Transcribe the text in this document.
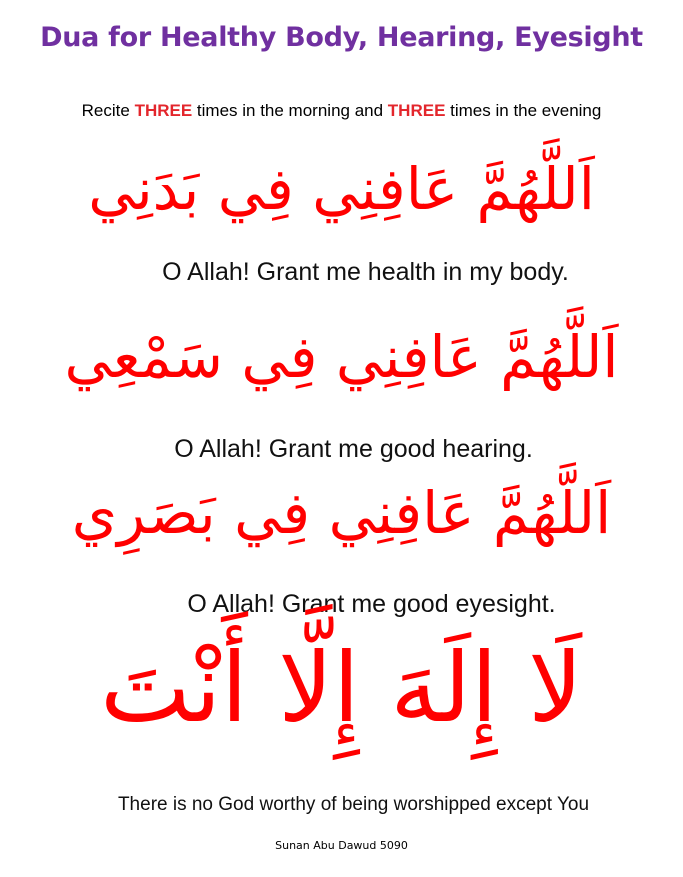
Dua for Healthy Body, Hearing, Eyesight
Recite THREE times in the morning and THREE times in the evening
اَللَّهُمَّ عَافِنِي فِي بَدَنِي
O Allah! Grant me health in my body.
اَللَّهُمَّ عَافِنِي فِي سَمْعِي
O Allah! Grant me good hearing.
اَللَّهُمَّ عَافِنِي فِي بَصَرِي
O Allah! Grant me good eyesight.
لَا إِلَهَ إِلَّا أَنْتَ
There is no God worthy of being worshipped except You
Sunan Abu Dawud 5090
